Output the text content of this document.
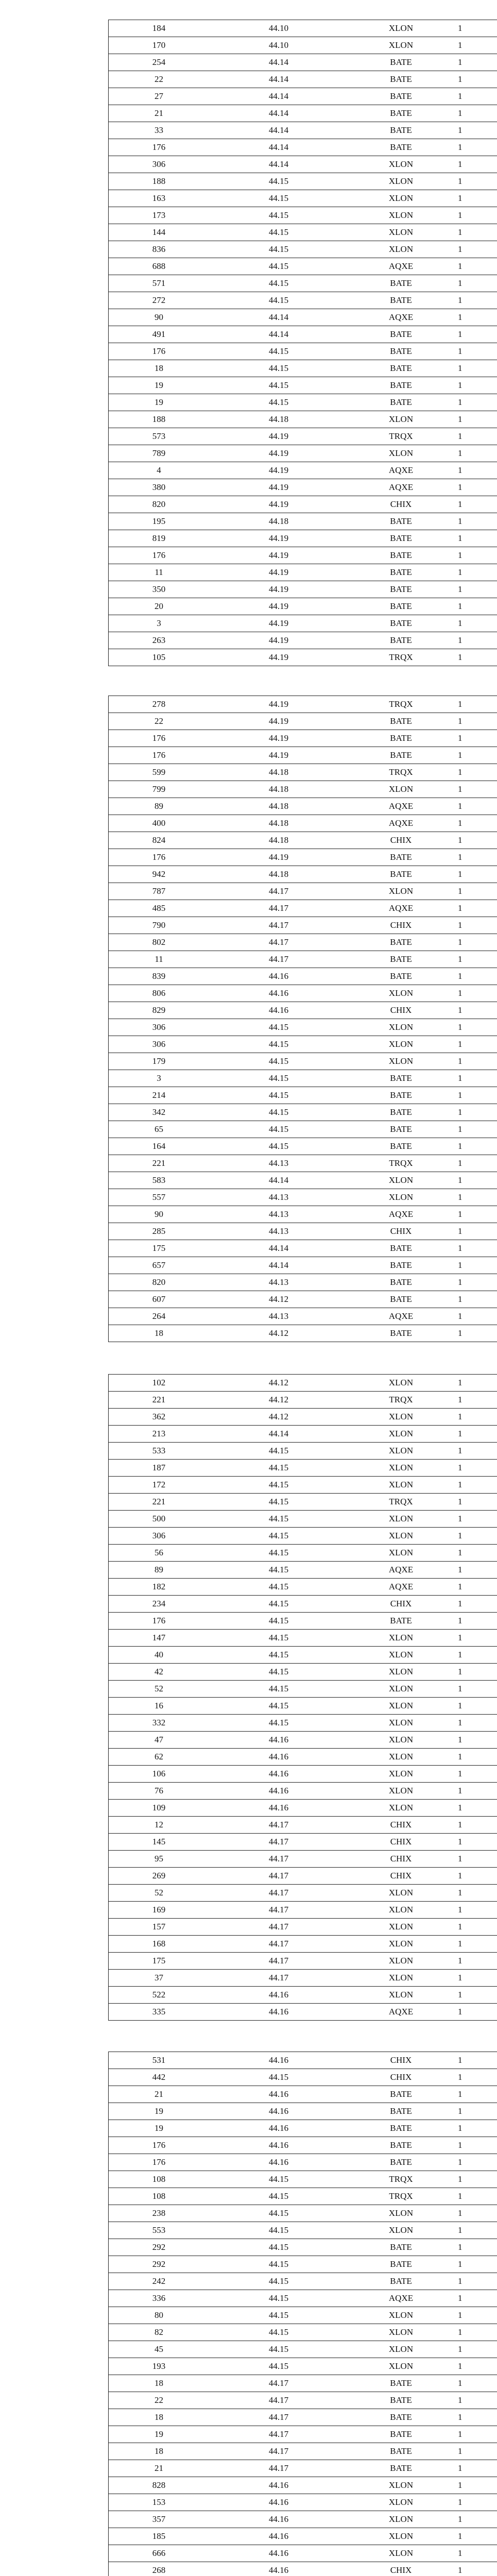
184	44.10	XLON	1
170	44.10	XLON	1
254	44.14	BATE	1
22	44.14	BATE	1
27	44.14	BATE	1
21	44.14	BATE	1
33	44.14	BATE	1
176	44.14	BATE	1
306	44.14	XLON	1
188	44.15	XLON	1
163	44.15	XLON	1
173	44.15	XLON	1
144	44.15	XLON	1
836	44.15	XLON	1
688	44.15	AQXE	1
571	44.15	BATE	1
272	44.15	BATE	1
90	44.14	AQXE	1
491	44.14	BATE	1
176	44.15	BATE	1
18	44.15	BATE	1
19	44.15	BATE	1
19	44.15	BATE	1
188	44.18	XLON	1
573	44.19	TRQX	1
789	44.19	XLON	1
4	44.19	AQXE	1
380	44.19	AQXE	1
820	44.19	CHIX	1
195	44.18	BATE	1
819	44.19	BATE	1
176	44.19	BATE	1
11	44.19	BATE	1
350	44.19	BATE	1
20	44.19	BATE	1
3	44.19	BATE	1
263	44.19	BATE	1
105	44.19	TRQX	1
278	44.19	TRQX	1
22	44.19	BATE	1
176	44.19	BATE	1
176	44.19	BATE	1
599	44.18	TRQX	1
799	44.18	XLON	1
89	44.18	AQXE	1
400	44.18	AQXE	1
824	44.18	CHIX	1
176	44.19	BATE	1
942	44.18	BATE	1
787	44.17	XLON	1
485	44.17	AQXE	1
790	44.17	CHIX	1
802	44.17	BATE	1
11	44.17	BATE	1
839	44.16	BATE	1
806	44.16	XLON	1
829	44.16	CHIX	1
306	44.15	XLON	1
306	44.15	XLON	1
179	44.15	XLON	1
3	44.15	BATE	1
214	44.15	BATE	1
342	44.15	BATE	1
65	44.15	BATE	1
164	44.15	BATE	1
221	44.13	TRQX	1
583	44.14	XLON	1
557	44.13	XLON	1
90	44.13	AQXE	1
285	44.13	CHIX	1
175	44.14	BATE	1
657	44.14	BATE	1
820	44.13	BATE	1
607	44.12	BATE	1
264	44.13	AQXE	1
18	44.12	BATE	1
102	44.12	XLON	1
221	44.12	TRQX	1
362	44.12	XLON	1
213	44.14	XLON	1
533	44.15	XLON	1
187	44.15	XLON	1
172	44.15	XLON	1
221	44.15	TRQX	1
500	44.15	XLON	1
306	44.15	XLON	1
56	44.15	XLON	1
89	44.15	AQXE	1
182	44.15	AQXE	1
234	44.15	CHIX	1
176	44.15	BATE	1
147	44.15	XLON	1
40	44.15	XLON	1
42	44.15	XLON	1
52	44.15	XLON	1
16	44.15	XLON	1
332	44.15	XLON	1
47	44.16	XLON	1
62	44.16	XLON	1
106	44.16	XLON	1
76	44.16	XLON	1
109	44.16	XLON	1
12	44.17	CHIX	1
145	44.17	CHIX	1
95	44.17	CHIX	1
269	44.17	CHIX	1
52	44.17	XLON	1
169	44.17	XLON	1
157	44.17	XLON	1
168	44.17	XLON	1
175	44.17	XLON	1
37	44.17	XLON	1
522	44.16	XLON	1
335	44.16	AQXE	1
531	44.16	CHIX	1
442	44.15	CHIX	1
21	44.16	BATE	1
19	44.16	BATE	1
19	44.16	BATE	1
176	44.16	BATE	1
176	44.16	BATE	1
108	44.15	TRQX	1
108	44.15	TRQX	1
238	44.15	XLON	1
553	44.15	XLON	1
292	44.15	BATE	1
292	44.15	BATE	1
242	44.15	BATE	1
336	44.15	AQXE	1
80	44.15	XLON	1
82	44.15	XLON	1
45	44.15	XLON	1
193	44.15	XLON	1
18	44.17	BATE	1
22	44.17	BATE	1
18	44.17	BATE	1
19	44.17	BATE	1
18	44.17	BATE	1
21	44.17	BATE	1
828	44.16	XLON	1
153	44.16	XLON	1
357	44.16	XLON	1
185	44.16	XLON	1
666	44.16	XLON	1
268	44.16	CHIX	1
